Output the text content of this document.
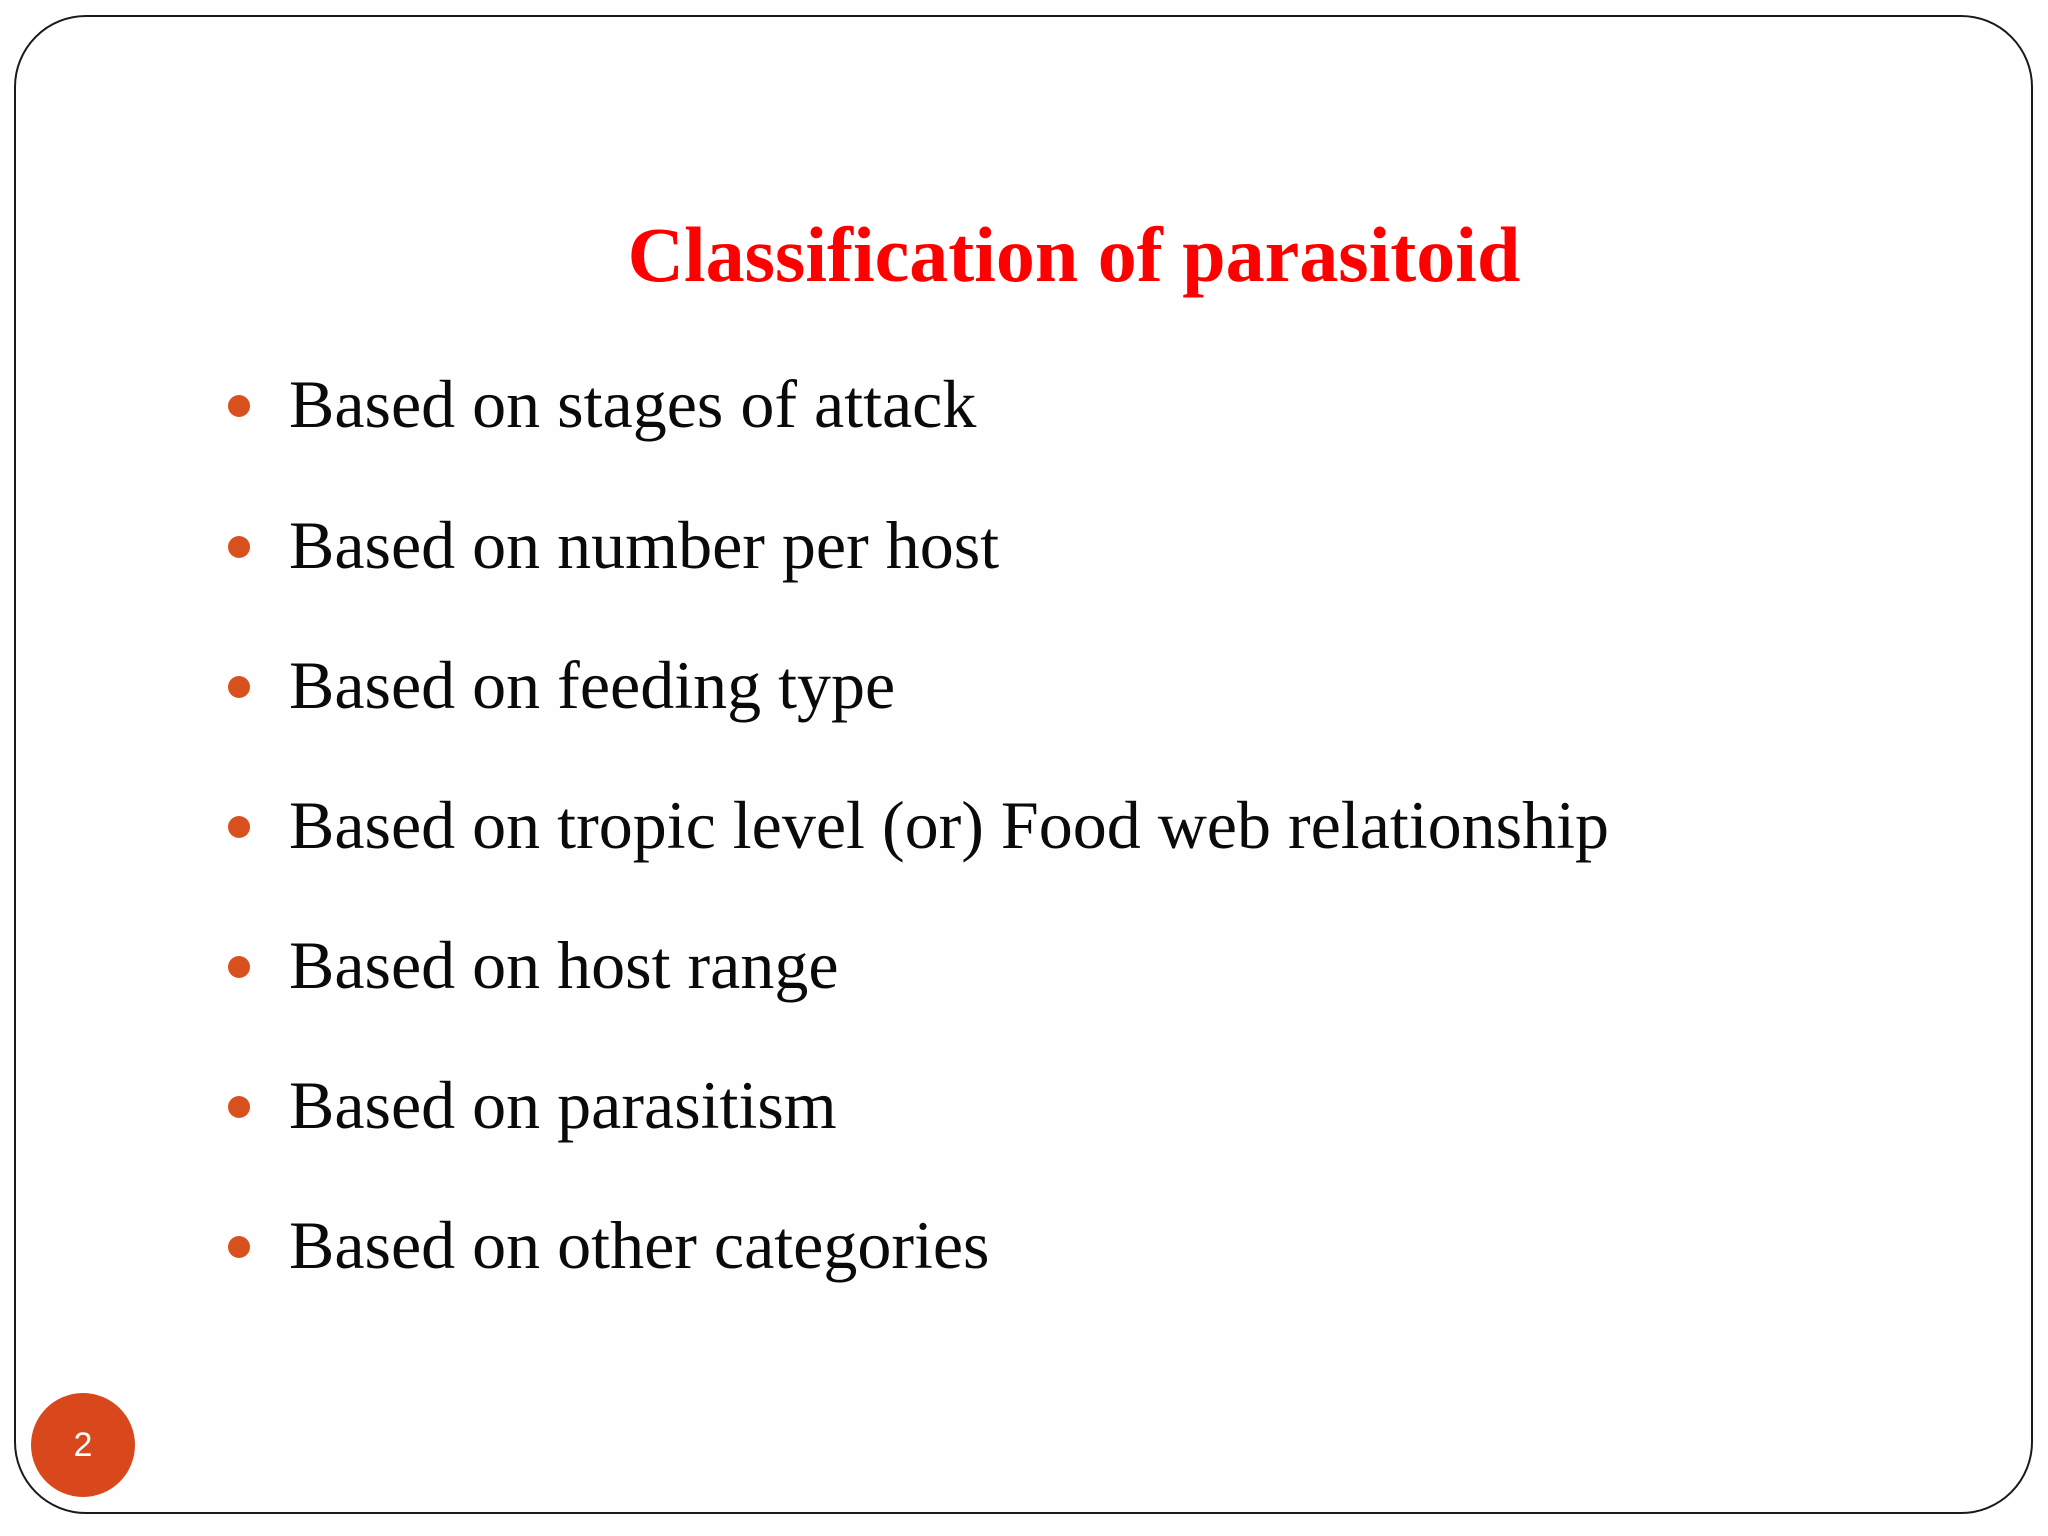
Classification of parasitoid
Based on stages of attack
Based on number per host
Based on feeding type
Based on tropic level (or) Food web relationship
Based on host range
Based on parasitism
Based on other categories
2
